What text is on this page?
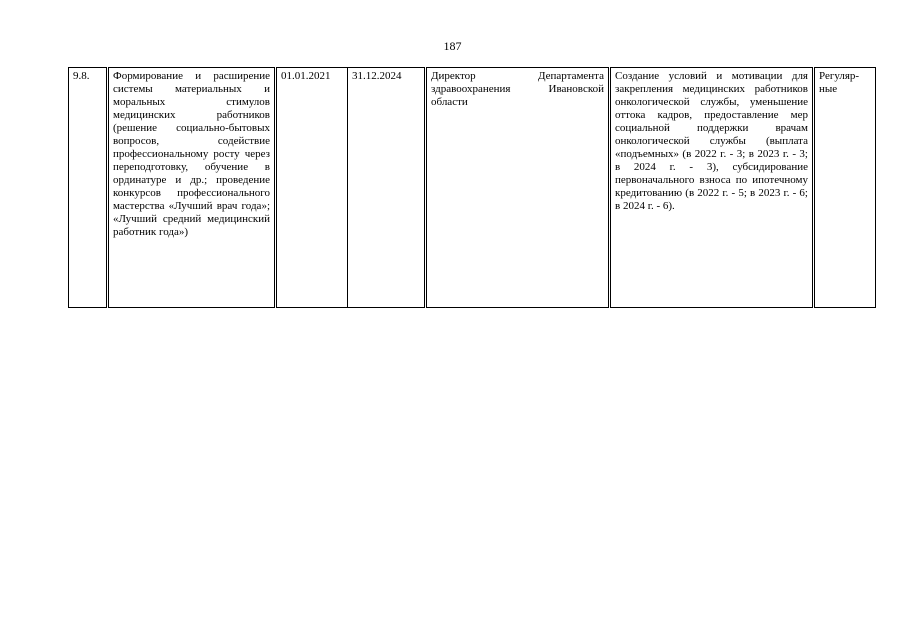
187
9.8.	Формирование и расширение системы материальных и моральных стимулов медицинских работников (решение социально-бытовых вопросов, содействие профессиональному росту через переподготовку, обучение в ординатуре и др.; проведение конкурсов профессионального мастерства «Лучший врач года»; «Лучший средний медицинский работник года»)	01.01.2021	31.12.2024	Директор Департамента здравоохранения Ивановской области	Создание условий и мотивации для закрепления медицинских работников онкологической службы, уменьшение оттока кадров, предоставление мер социальной поддержки врачам онкологической службы (выплата «подъемных» (в 2022 г. - 3; в 2023 г. - 3; в 2024 г. - 3), субсидирование первоначального взноса по ипотечному кредитованию (в 2022 г. - 5; в 2023 г. - 6; в 2024 г. - 6).	Регуляр-ные
